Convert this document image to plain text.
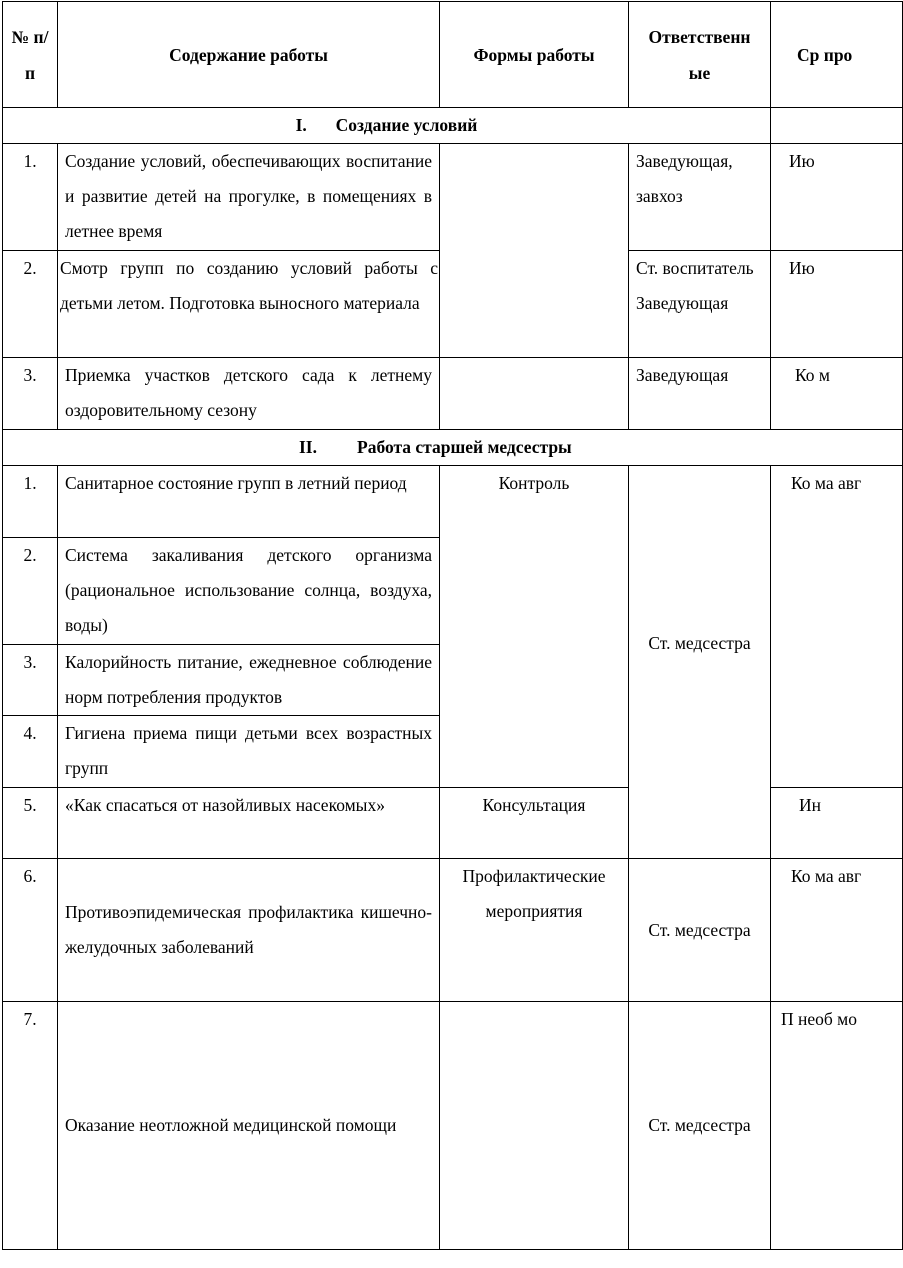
№ п/п	Содержание работы	Формы работы	Ответственн ые	Ср про
I. Создание условий				
1.	Создание условий, обеспечивающих воспитание и развитие детей на прогулке, в помещениях в летнее время		Заведующая, завхоз	Ию
2.	Смотр групп по созданию условий работы с детьми летом. Подготовка выносного материала		Ст. воспитатель Заведующая	Ию
3.	Приемка участков детского сада к летнему оздоровительному сезону		Заведующая	Ко м
II. Работа старшей медсестры				
1.	Санитарное состояние групп в летний период	Контроль	Ст. медсестра	Ко ма авг
2.	Система закаливания детского организма (рациональное использование солнца, воздуха, воды)			
3.	Калорийность питание, ежедневное соблюдение норм потребления продуктов			
4.	Гигиена приема пищи детьми всех возрастных групп			
5.	«Как спасаться от назойливых насекомых»	Консультация		Ин
6.	Противоэпидемическая профилактика кишечно-желудочных заболеваний	Профилактические мероприятия	Ст. медсестра	Ко ма авг
7.	Оказание неотложной медицинской помощи		Ст. медсестра	П необ мо
